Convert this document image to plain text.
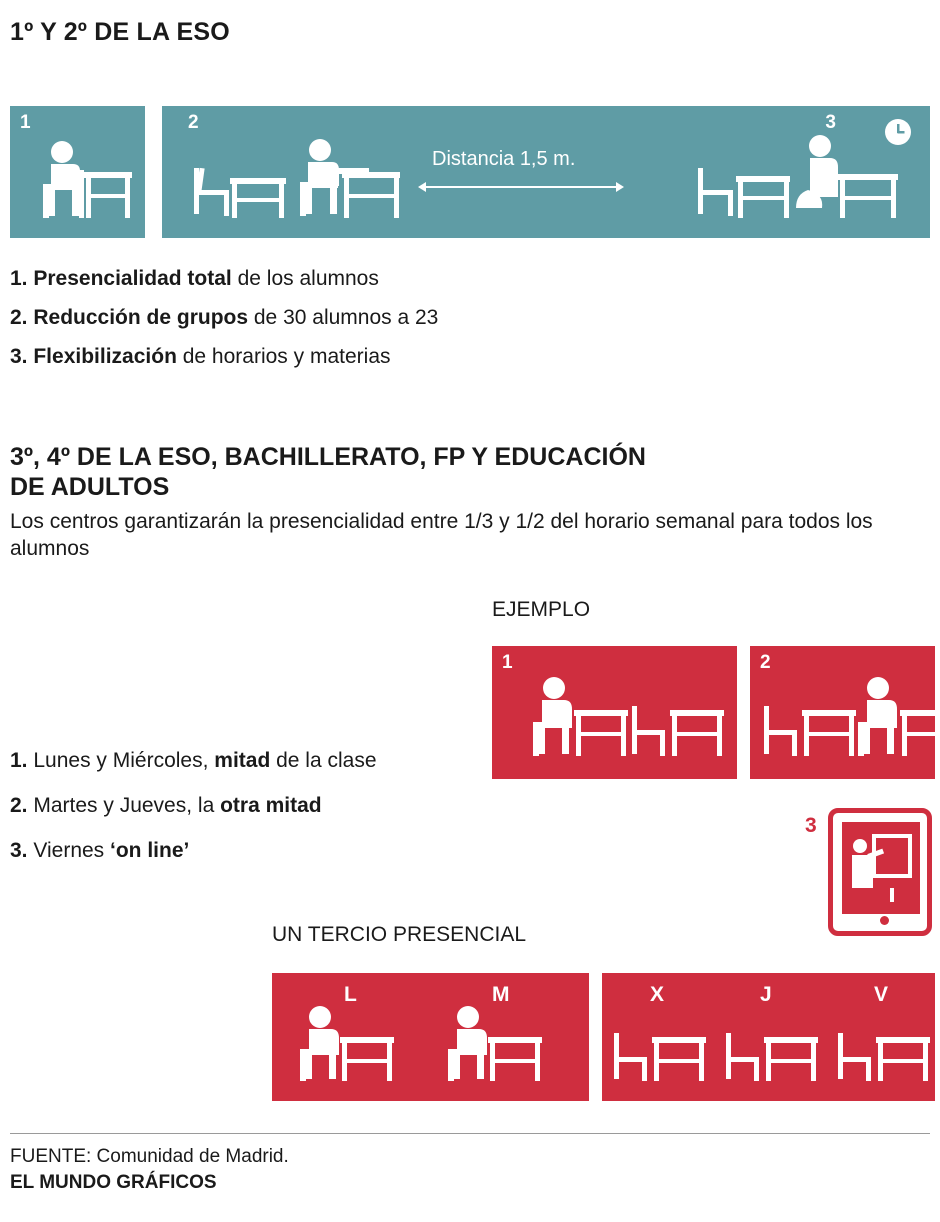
1º Y 2º DE LA ESO
1	2	3
Distancia 1,5 m.
1. Presencialidad total de los alumnos
2. Reducción de grupos de 30 alumnos a 23
3. Flexibilización de horarios y materias
3º, 4º DE LA ESO, BACHILLERATO, FP Y EDUCACIÓN
DE ADULTOS

Los centros garantizarán la presencialidad entre 1/3 y 1/2 del horario semanal para todos los alumnos

EJEMPLO
1	2
3
1. Lunes y Miércoles, mitad de la clase
2. Martes y Jueves, la otra mitad
3. Viernes ‘on line’
UN TERCIO PRESENCIAL
L	M	X	J	V
FUENTE: Comunidad de Madrid.
EL MUNDO GRÁFICOS
